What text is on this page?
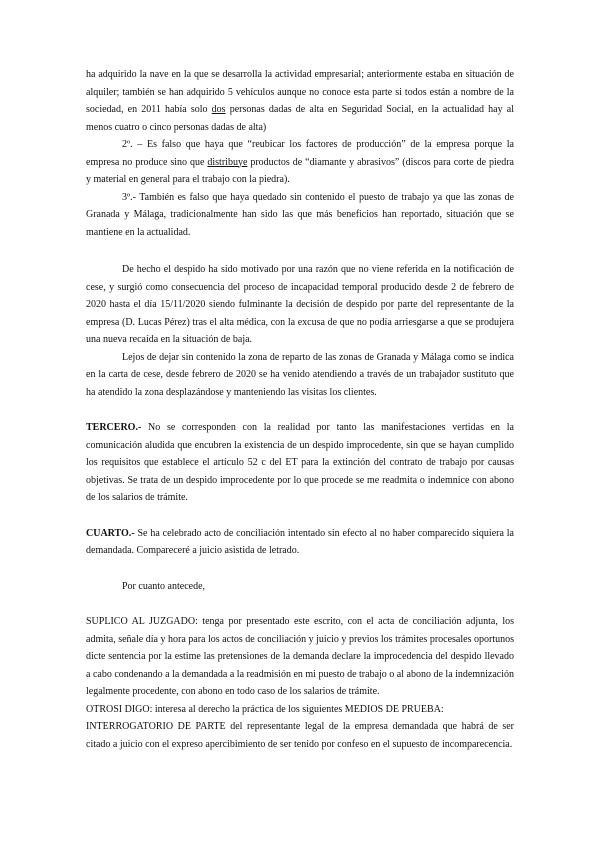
ha adquirido la nave en la que se desarrolla la actividad empresarial; anteriormente estaba en situación de alquiler; también se han adquirido 5 vehículos aunque no conoce esta parte si todos están a nombre de la sociedad, en 2011 había solo dos personas dadas de alta en Seguridad Social, en la actualidad hay al menos cuatro o cinco personas dadas de alta)

2º. – Es falso que haya que “reubicar los factores de producción” de la empresa porque la empresa no produce sino que distribuye productos de “diamante y abrasivos” (discos para corte de piedra y material en general para el trabajo con la piedra).

3º.- También es falso que haya quedado sin contenido el puesto de trabajo ya que las zonas de Granada y Málaga, tradicionalmente han sido las que más beneficios han reportado, situación que se mantiene en la actualidad.

De hecho el despido ha sido motivado por una razón que no viene referida en la notificación de cese, y surgió como consecuencia del proceso de incapacidad temporal producido desde 2 de febrero de 2020 hasta el día 15/11/2020 siendo fulminante la decisión de despido por parte del representante de la empresa (D. Lucas Pérez) tras el alta médica, con la excusa de que no podía arriesgarse a que se produjera una nueva recaída en la situación de baja.

Lejos de dejar sin contenido la zona de reparto de las zonas de Granada y Málaga como se indica en la carta de cese, desde febrero de 2020 se ha venido atendiendo a través de un trabajador sustituto que ha atendido la zona desplazándose y manteniendo las visitas los clientes.

TERCERO.- No se corresponden con la realidad por tanto las manifestaciones vertidas en la comunicación aludida que encubren la existencia de un despido improcedente, sin que se hayan cumplido los requisitos que establece el artículo 52 c del ET para la extinción del contrato de trabajo por causas objetivas. Se trata de un despido improcedente por lo que procede se me readmita o indemnice con abono de los salarios de trámite.

CUARTO.- Se ha celebrado acto de conciliación intentado sin efecto al no haber comparecido siquiera la demandada. Compareceré a juicio asistida de letrado.

Por cuanto antecede,

SUPLICO AL JUZGADO: tenga por presentado este escrito, con el acta de conciliación adjunta, los admita, señale día y hora para los actos de conciliación y juicio y previos los trámites procesales oportunos dicte sentencia por la estime las pretensiones de la demanda declare la improcedencia del despido llevado a cabo condenando a la demandada a la readmisión en mi puesto de trabajo o al abono de la indemnización legalmente procedente, con abono en todo caso de los salarios de trámite.

OTROSI DIGO: interesa al derecho la práctica de los siguientes MEDIOS DE PRUEBA:

INTERROGATORIO DE PARTE del representante legal de la empresa demandada que habrá de ser citado a juicio con el expreso apercibimiento de ser tenido por confeso en el supuesto de incomparecencia.
